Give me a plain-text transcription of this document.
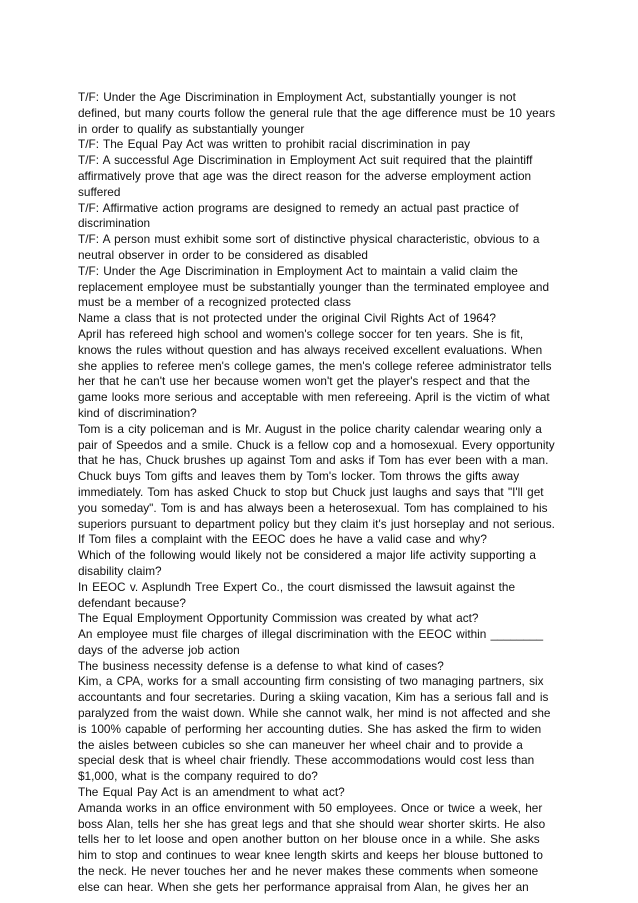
T/F: Under the Age Discrimination in Employment Act, substantially younger is not
defined, but many courts follow the general rule that the age difference must be 10 years
in order to qualify as substantially younger
T/F: The Equal Pay Act was written to prohibit racial discrimination in pay
T/F: A successful Age Discrimination in Employment Act suit required that the plaintiff
affirmatively prove that age was the direct reason for the adverse employment action
suffered
T/F: Affirmative action programs are designed to remedy an actual past practice of
discrimination
T/F: A person must exhibit some sort of distinctive physical characteristic, obvious to a
neutral observer in order to be considered as disabled
T/F: Under the Age Discrimination in Employment Act to maintain a valid claim the
replacement employee must be substantially younger than the terminated employee and
must be a member of a recognized protected class
Name a class that is not protected under the original Civil Rights Act of 1964?
April has refereed high school and women's college soccer for ten years. She is fit,
knows the rules without question and has always received excellent evaluations. When
she applies to referee men's college games, the men's college referee administrator tells
her that he can't use her because women won't get the player's respect and that the
game looks more serious and acceptable with men refereeing. April is the victim of what
kind of discrimination?
Tom is a city policeman and is Mr. August in the police charity calendar wearing only a
pair of Speedos and a smile. Chuck is a fellow cop and a homosexual. Every opportunity
that he has, Chuck brushes up against Tom and asks if Tom has ever been with a man.
Chuck buys Tom gifts and leaves them by Tom's locker. Tom throws the gifts away
immediately. Tom has asked Chuck to stop but Chuck just laughs and says that "I'll get
you someday". Tom is and has always been a heterosexual. Tom has complained to his
superiors pursuant to department policy but they claim it's just horseplay and not serious.
If Tom files a complaint with the EEOC does he have a valid case and why?
Which of the following would likely not be considered a major life activity supporting a
disability claim?
In EEOC v. Asplundh Tree Expert Co., the court dismissed the lawsuit against the
defendant because?
The Equal Employment Opportunity Commission was created by what act?
An employee must file charges of illegal discrimination with the EEOC within ________
days of the adverse job action
The business necessity defense is a defense to what kind of cases?
Kim, a CPA, works for a small accounting firm consisting of two managing partners, six
accountants and four secretaries. During a skiing vacation, Kim has a serious fall and is
paralyzed from the waist down. While she cannot walk, her mind is not affected and she
is 100% capable of performing her accounting duties. She has asked the firm to widen
the aisles between cubicles so she can maneuver her wheel chair and to provide a
special desk that is wheel chair friendly. These accommodations would cost less than
$1,000, what is the company required to do?
The Equal Pay Act is an amendment to what act?
Amanda works in an office environment with 50 employees. Once or twice a week, her
boss Alan, tells her she has great legs and that she should wear shorter skirts. He also
tells her to let loose and open another button on her blouse once in a while. She asks
him to stop and continues to wear knee length skirts and keeps her blouse buttoned to
the neck. He never touches her and he never makes these comments when someone
else can hear. When she gets her performance appraisal from Alan, he gives her an
